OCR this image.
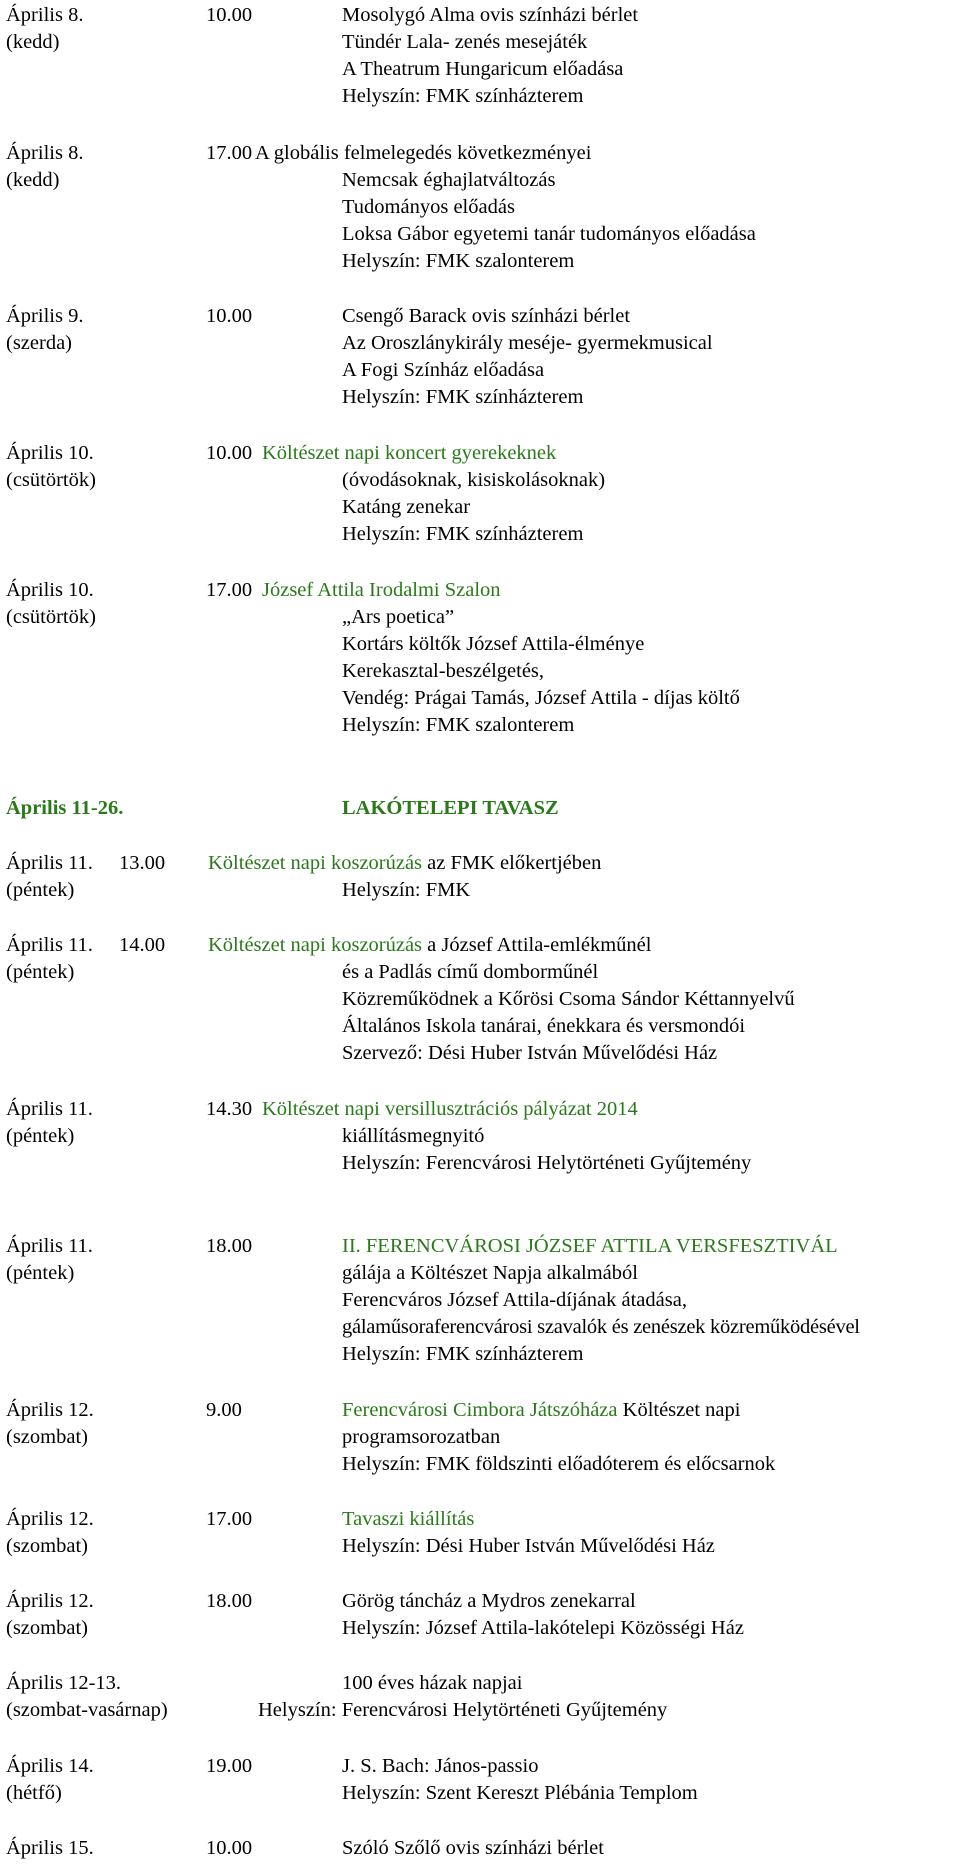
Április 8.
(kedd)
10.00	Mosolygó Alma ovis színházi bérlet
Tündér Lala- zenés mesejáték
A Theatrum Hungaricum előadása
Helyszín: FMK színházterem
Április 8.
(kedd)
17.00 A globális felmelegedés következményei
Nemcsak éghajlatváltozás
Tudományos előadás
Loksa Gábor egyetemi tanár tudományos előadása
Helyszín: FMK szalonterem
Április 9.
(szerda)
10.00	Csengő Barack ovis színházi bérlet
Az Oroszlánykirály meséje- gyermekmusical
A Fogi Színház előadása
Helyszín: FMK színházterem
Április 10.
(csütörtök)
10.00 Költészet napi koncert gyerekeknek
(óvodásoknak, kisiskolásoknak)
Katáng zenekar
Helyszín: FMK színházterem
Április 10.
(csütörtök)
17.00 József Attila Irodalmi Szalon
„Ars poetica”
Kortárs költők József Attila-élménye
Kerekasztal-beszélgetés,
Vendég: Prágai Tamás, József Attila - díjas költő
Helyszín: FMK szalonterem
Április 11-26.	LAKÓTELEPI TAVASZ
Április 11.
(péntek)
13.00 Költészet napi koszorúzás az FMK előkertjében
Helyszín: FMK
Április 11.
(péntek)
14.00 Költészet napi koszorúzás a József Attila-emlékműnél
és a Padlás című domborműnél
Közreműködnek a Kőrösi Csoma Sándor Kéttannyelvű
Általános Iskola tanárai, énekkara és versmondói
Szervező: Dési Huber István Művelődési Ház
Április 11.
(péntek)
14.30 Költészet napi versillusztrációs pályázat 2014
kiállításmegnyitó
Helyszín: Ferencvárosi Helytörténeti Gyűjtemény
Április 11.
(péntek)
18.00	II. FERENCVÁROSI JÓZSEF ATTILA VERSFESZTIVÁL
gálája a Költészet Napja alkalmából
Ferencváros József Attila-díjának átadása,
gálaműsoraferencvárosi szavalók és zenészek közreműködésével
Helyszín: FMK színházterem
Április 12.
(szombat)
9.00	Ferencvárosi Cimbora Játszóháza Költészet napi
programsorozatban
Helyszín: FMK földszinti előadóterem és előcsarnok
Április 12.
(szombat)
17.00	Tavaszi kiállítás
Helyszín: Dési Huber István Művelődési Ház
Április 12.
(szombat)
18.00	Görög táncház a Mydros zenekarral
Helyszín: József Attila-lakótelepi Közösségi Ház
Április 12-13.
(szombat-vasárnap)
100 éves házak napjai
Helyszín: Ferencvárosi Helytörténeti Gyűjtemény
Április 14.
(hétfő)
19.00	J. S. Bach: János-passio
Helyszín: Szent Kereszt Plébánia Templom
Április 15.	10.00	Szóló Szőlő ovis színházi bérlet
